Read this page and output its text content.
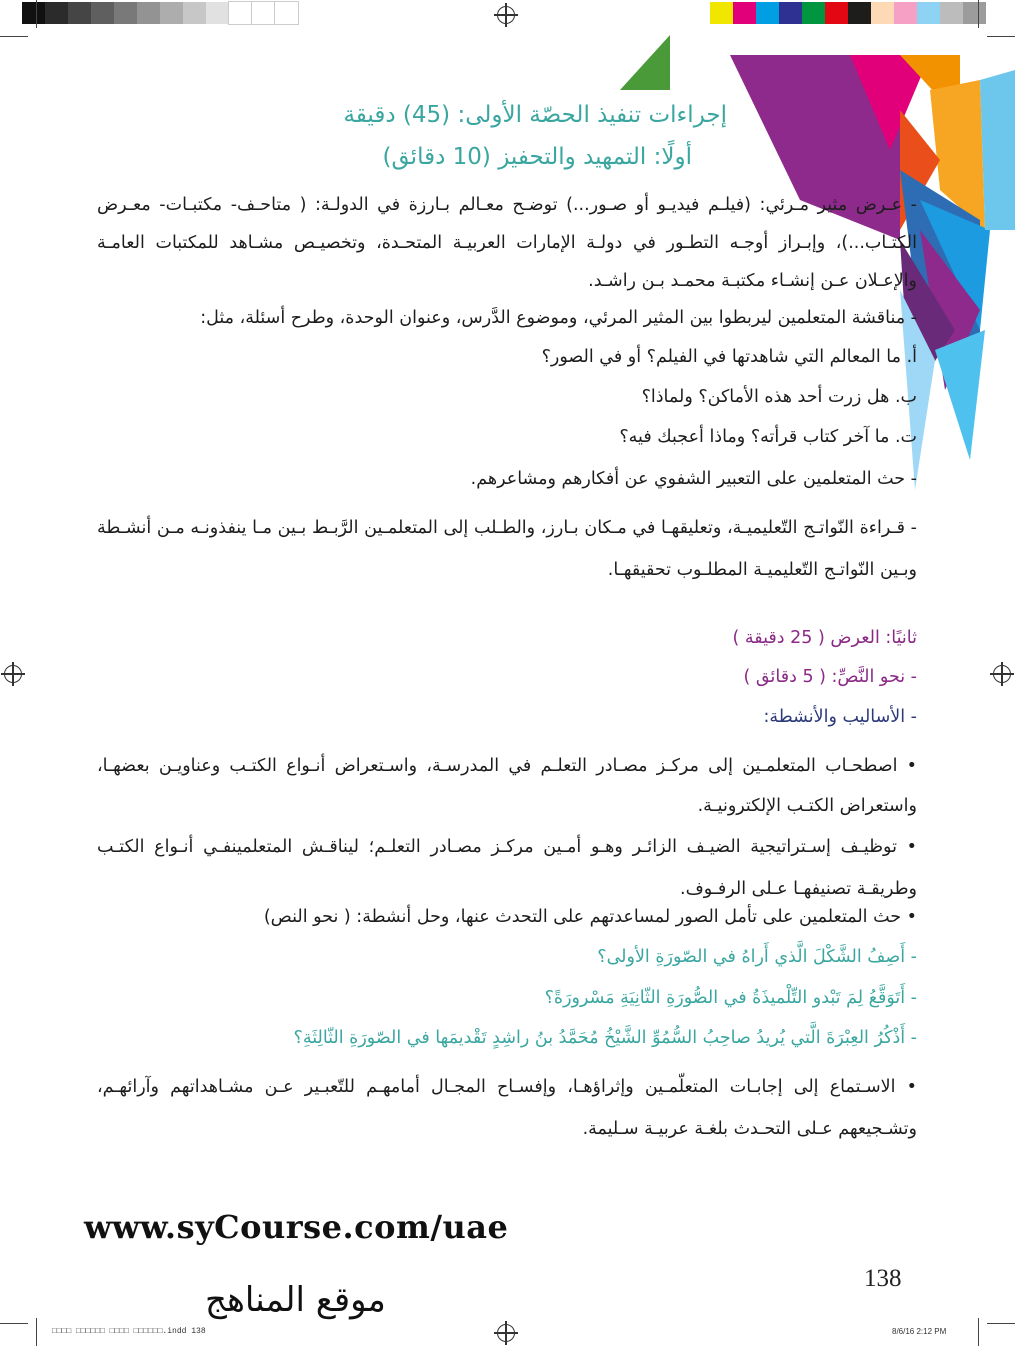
إجراءات تنفيذ الحصّة الأولى: (45) دقيقة
أولًا: التمهيد والتحفيز (10 دقائق)
- عـرض مثير مـرئي: (فيلـم فيديـو أو صـور...) توضـح معـالم بـارزة في الدولـة: ( متاحـف- مكتبـات- معـرض الكتـاب...)، وإبـراز أوجـه التطـور في دولـة الإمارات العربيـة المتحـدة، وتخصيـص مشـاهد للمكتبات العامـة والإعـلان عـن إنشـاء مكتبـة محمـد بـن راشـد.
- مناقشة المتعلمين ليربطوا بين المثير المرئي، وموضوع الدَّرس، وعنوان الوحدة، وطرح أسئلة، مثل:
أ. ما المعالم التي شاهدتها في الفيلم؟ أو في الصور؟
ب. هل زرت أحد هذه الأماكن؟ ولماذا؟
ت. ما آخر كتاب قرأته؟ وماذا أعجبك فيه؟
- حث المتعلمين على التعبير الشفوي عن أفكارهم ومشاعرهم.
- قـراءة النّواتـج التّعليميـة، وتعليقهـا في مـكان بـارز، والطـلب إلى المتعلمـين الرَّبـط بـين مـا ينفذونـه مـن أنشـطة وبـين النّواتـج التّعليميـة المطلـوب تحقيقهـا.
ثانيًا: العرض ( 25 دقيقة )
- نحو النَّصِّ: ( 5 دقائق )
- الأساليب والأنشطة:
• اصطحـاب المتعلمـين إلى مركـز مصـادر التعلـم في المدرسـة، واسـتعراض أنـواع الكتـب وعناويـن بعضهـا، واستعراض الكتـب الإلكترونيـة.
• توظيـف إسـتراتيجية الضيـف الزائـر وهـو أمـين مركـز مصـادر التعلـم؛ ليناقـش المتعلمينفـي أنـواع الكتـب وطريقـة تصنيفهـا عـلى الرفـوف.
• حث المتعلمين على تأمل الصور لمساعدتهم على التحدث عنها، وحل أنشطة: ( نحو النص)
- أَصِفُ الشَّكْلَ الَّذي أَراهُ في الصّورَةِ الأولى؟
- أَتَوَقَّعُ لِمَ تَبْدو التِّلْميذَةُ في الصُّورَةِ الثّانِيَةِ مَسْرورَةً؟
- أَذْكُرُ العِبْرَةَ الَّتي يُريدُ صاحِبُ السُّمُوِّ الشَّيْخُ مُحَمَّدُ بنُ راشِدٍ تَقْديمَها في الصّورَةِ الثّالِثَةِ؟
• الاسـتماع إلى إجابـات المتعلّمـين وإثراؤهـا، وإفسـاح المجـال أمامهـم للتّعبـير عـن مشـاهداتهم وآرائهـم، وتشـجيعهم عـلى التحـدث بلغـة عربيـة سـليمة.
www.syCourse.com/uae
138
موقع المناهج
□□□□ □□□□□□ □□□□ □□□□□□.indd 138	8/6/16 2:12 PM
